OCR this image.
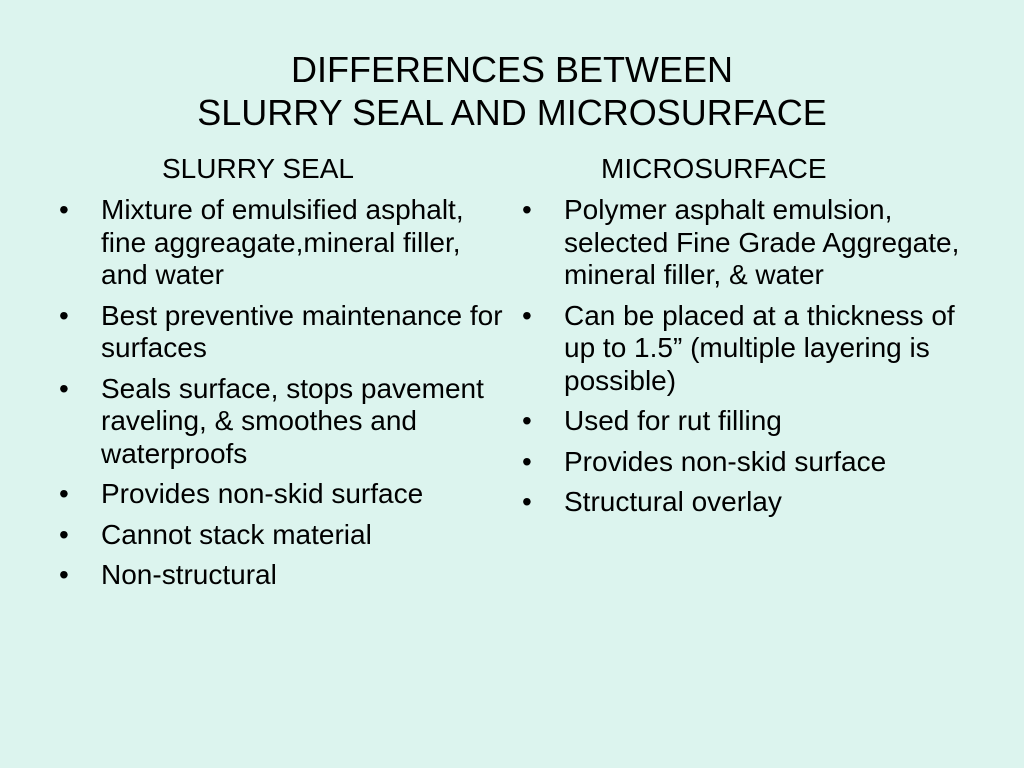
DIFFERENCES BETWEEN
SLURRY SEAL AND MICROSURFACE
SLURRY SEAL
• Mixture of emulsified asphalt, fine aggreagate,mineral filler, and water
• Best preventive maintenance for surfaces
• Seals surface, stops pavement raveling, & smoothes and waterproofs
• Provides non-skid surface
• Cannot stack material
• Non-structural
MICROSURFACE
• Polymer asphalt emulsion, selected Fine Grade Aggregate, mineral filler, & water
• Can be placed at a thickness of up to 1.5” (multiple layering is possible)
• Used for rut filling
• Provides non-skid surface
• Structural overlay
